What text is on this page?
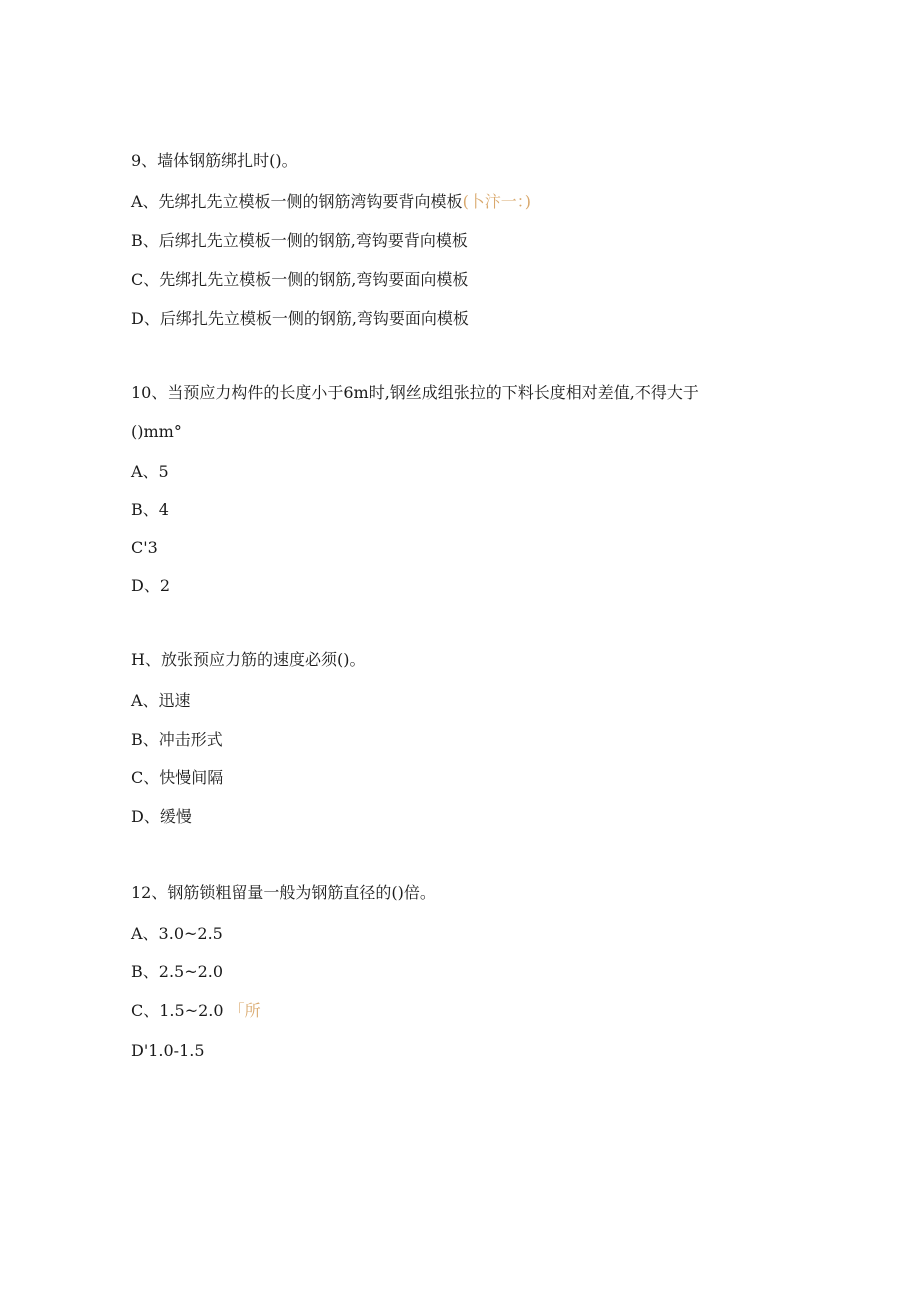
9、墙体钢筋绑扎时()。
A、先绑扎先立模板一侧的钢筋湾钩要背向模板(卜汴一：)
B、后绑扎先立模板一侧的钢筋,弯钩要背向模板
C、先绑扎先立模板一侧的钢筋,弯钩要面向模板
D、后绑扎先立模板一侧的钢筋,弯钩要面向模板
10、当预应力构件的长度小于6m时,钢丝成组张拉的下料长度相对差值,不得大于
()mm°
A、5
B、4
C'3
D、2
H、放张预应力筋的速度必须()。
A、迅速
B、冲击形式
C、快慢间隔
D、缓慢
12、钢筋锁粗留量一般为钢筋直径的()倍。
A、3.0~2.5
B、2.5~2.0
C、1.5~2.0 「所
D'1.0-1.5
